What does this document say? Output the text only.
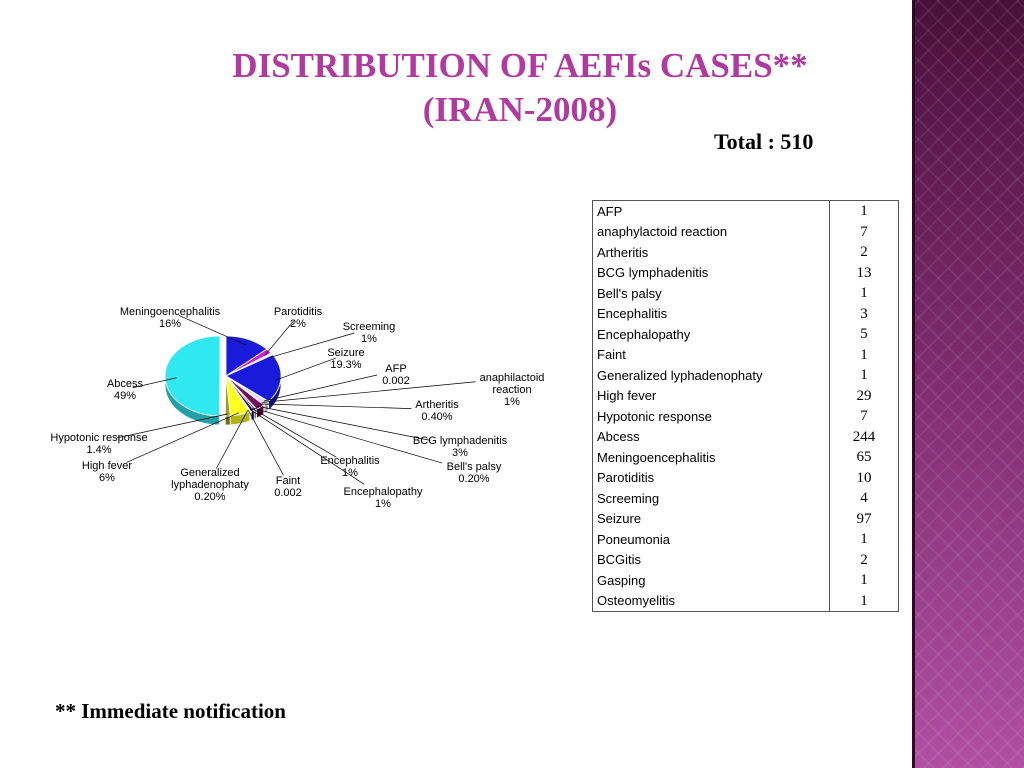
DISTRIBUTION OF AEFIs CASES**
(IRAN-2008)
Total : 510
Meningoencephalitis 16%
Parotiditis 2%	Screeming 1%
Seizure 19.3% AFP 0.002	anaphilactoid reaction 1%
Artheritis 0.40%
BCG lymphadenitis 3%
Bell's palsy 0.20%
Encephalitis 1%
Encephalopathy 1%
Faint 0.002
Generalized lyphadenophaty 0.20%
High fever 6%
Hypotonic response 1.4%
Abcess 49%
AFP	1
anaphylactoid reaction	7
Artheritis	2
BCG lymphadenitis	13
Bell's palsy	1
Encephalitis	3
Encephalopathy	5
Faint	1
Generalized lyphadenophaty	1
High fever	29
Hypotonic response	7
Abcess	244
Meningoencephalitis	65
Parotiditis	10
Screeming	4
Seizure	97
Poneumonia	1
BCGitis	2
Gasping	1
Osteomyelitis	1
** Immediate notification
